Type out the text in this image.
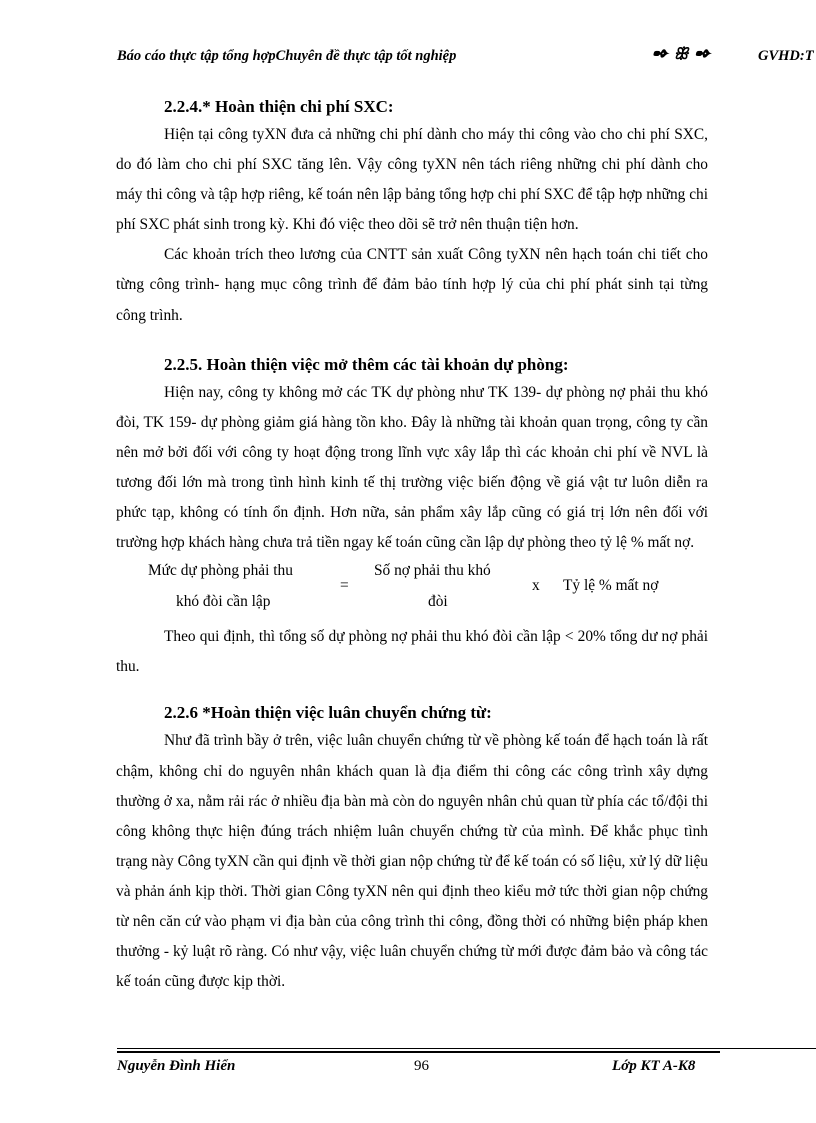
Báo cáo thực tập tổng hợpChuyên đề thực tập tốt nghiệp	✒ ꕥ ✒	GVHD:T
2.2.4.* Hoàn thiện chi phí SXC:

Hiện tại công tyXN đưa cả những chi phí dành cho máy thi công vào cho chi phí SXC, do đó làm cho chi phí SXC tăng lên. Vậy công tyXN nên tách riêng những chi phí dành cho máy thi công và tập hợp riêng, kế toán nên lập bảng tổng hợp chi phí SXC để tập hợp những chi phí SXC phát sinh trong kỳ. Khi đó việc theo dõi sẽ trở nên thuận tiện hơn.

Các khoản trích theo lương của CNTT sản xuất Công tyXN nên hạch toán chi tiết cho từng công trình- hạng mục công trình để đảm bảo tính hợp lý của chi phí phát sinh tại từng công trình.

2.2.5. Hoàn thiện việc mở thêm các tài khoản dự phòng:

Hiện nay, công ty không mở các TK dự phòng như TK 139- dự phòng nợ phải thu khó đòi, TK 159- dự phòng giảm giá hàng tồn kho. Đây là những tài khoản quan trọng, công ty cần nên mở bởi đối với công ty hoạt động trong lĩnh vực xây lắp thì các khoản chi phí về NVL là tương đối lớn mà trong tình hình kinh tế thị trường việc biến động về giá vật tư luôn diễn ra phức tạp, không có tính ổn định. Hơn nữa, sản phẩm xây lắp cũng có giá trị lớn nên đối với trường hợp khách hàng chưa trả tiền ngay kế toán cũng cần lập dự phòng theo tỷ lệ % mất nợ.

Mức dự phòng phải thu
khó đòi cần lập
=
Số nợ phải thu khó
đòi
x Tỷ lệ % mất nợ

Theo qui định, thì tổng số dự phòng nợ phải thu khó đòi cần lập < 20% tổng dư nợ phải thu.

2.2.6 *Hoàn thiện việc luân chuyển chứng từ:

Như đã trình bầy ở trên, việc luân chuyển chứng từ về phòng kế toán để hạch toán là rất chậm, không chỉ do nguyên nhân khách quan là địa điểm thi công các công trình xây dựng thường ở xa, nằm rải rác ở nhiều địa bàn mà còn do nguyên nhân chủ quan từ phía các tổ/đội thi công không thực hiện đúng trách nhiệm luân chuyển chứng từ của mình. Để khắc phục tình trạng này Công tyXN cần qui định về thời gian nộp chứng từ để kế toán có số liệu, xử lý dữ liệu và phản ánh kịp thời. Thời gian Công tyXN nên qui định theo kiểu mở tức thời gian nộp chứng từ nên căn cứ vào phạm vi địa bàn của công trình thi công, đồng thời có những biện pháp khen thưởng - kỷ luật rõ ràng. Có như vậy, việc luân chuyển chứng từ mới được đảm bảo và công tác kế toán cũng được kịp thời.

Nguyễn Đình Hiển	96	Lớp KT A-K8
